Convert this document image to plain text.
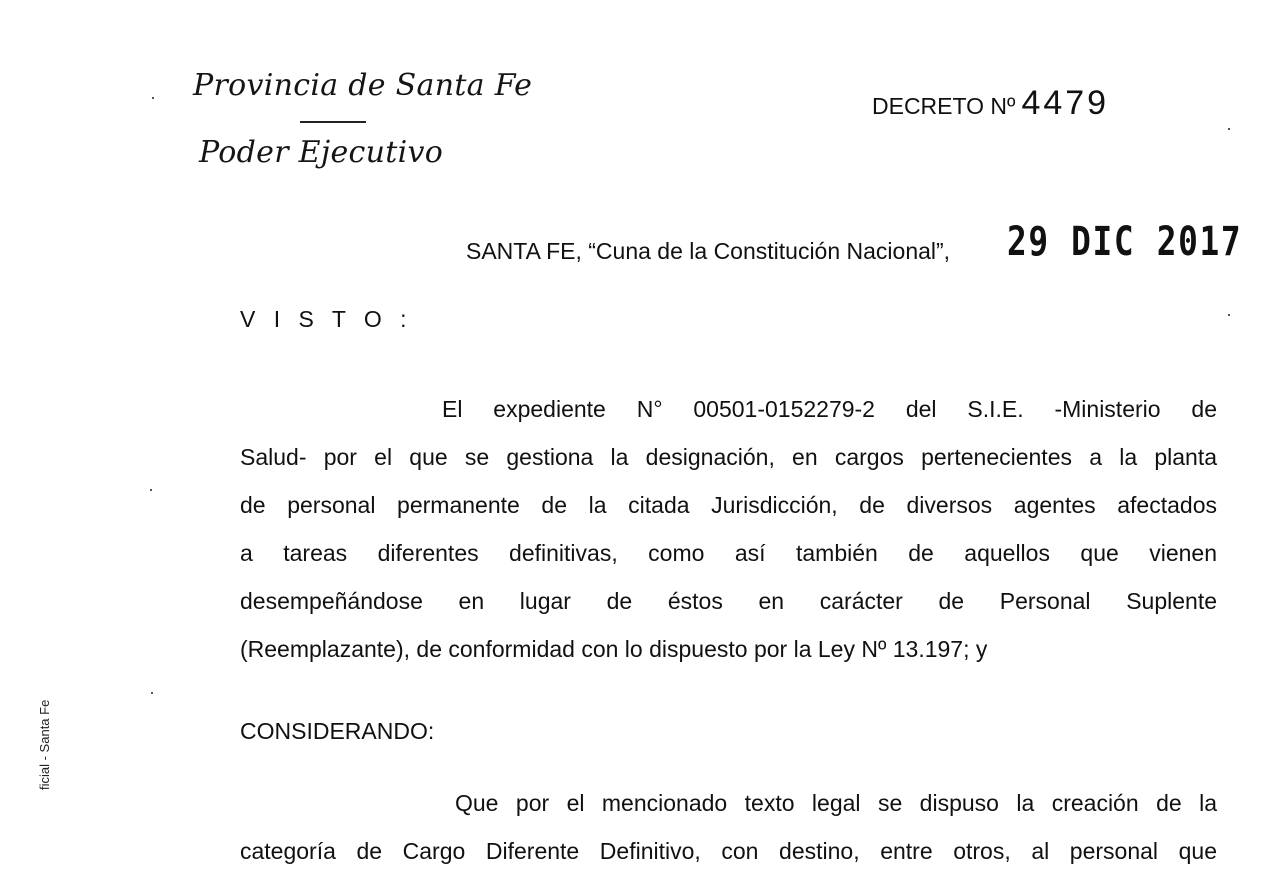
Provincia de Santa Fe
Poder Ejecutivo
DECRETO Nº 4479
SANTA FE, “Cuna de la Constitución Nacional”, 29 DIC 2017
V I S T O :
El expediente N° 00501-0152279-2 del S.I.E. -Ministerio de
Salud- por el que se gestiona la designación, en cargos pertenecientes a la planta
de personal permanente de la citada Jurisdicción, de diversos agentes afectados
a tareas diferentes definitivas, como así también de aquellos que vienen
desempeñándose en lugar de éstos en carácter de Personal Suplente
(Reemplazante), de conformidad con lo dispuesto por la Ley Nº 13.197; y
CONSIDERANDO:
Que por el mencionado texto legal se dispuso la creación de la
categoría de Cargo Diferente Definitivo, con destino, entre otros, al personal que
ficial - Santa Fe
